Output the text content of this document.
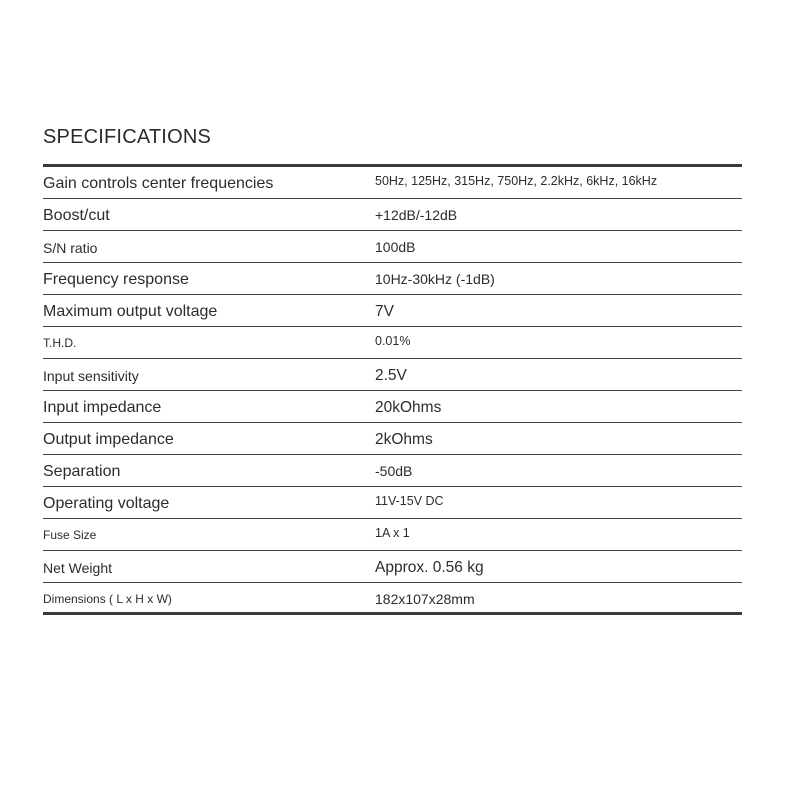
SPECIFICATIONS
Gain controls center frequencies	50Hz, 125Hz, 315Hz, 750Hz, 2.2kHz, 6kHz, 16kHz
Boost/cut	+12dB/-12dB
S/N ratio	100dB
Frequency response	10Hz-30kHz (-1dB)
Maximum output voltage	7V
T.H.D.	0.01%
Input sensitivity	2.5V
Input impedance	20kOhms
Output impedance	2kOhms
Separation	-50dB
Operating voltage	11V-15V DC
Fuse Size	1A x 1
Net Weight	Approx. 0.56 kg
Dimensions ( L x H x W)	182x107x28mm
